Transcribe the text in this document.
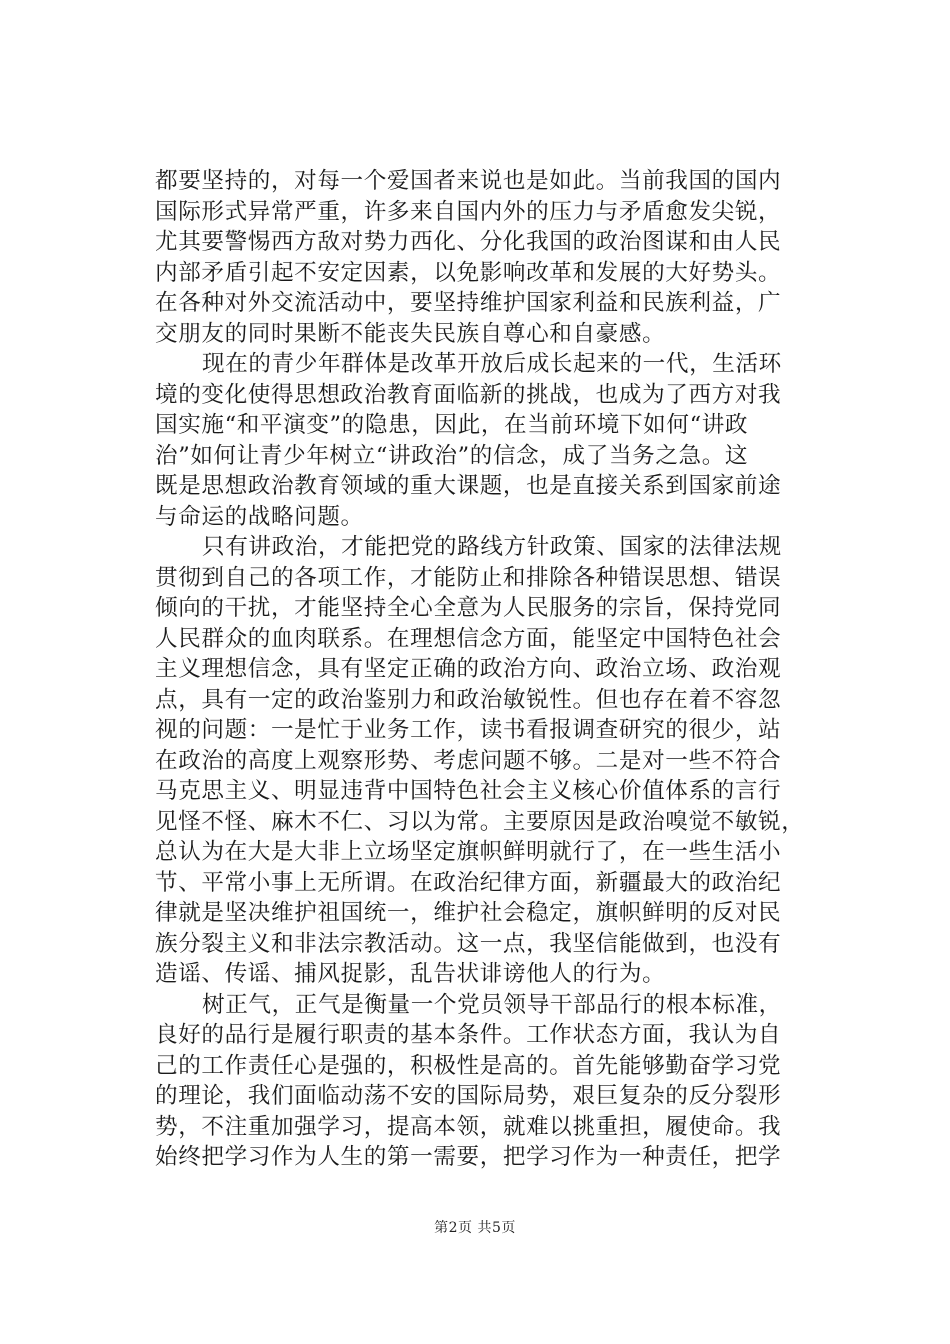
都要坚持的，对每一个爱国者来说也是如此。当前我国的国内
国际形式异常严重，许多来自国内外的压力与矛盾愈发尖锐，
尤其要警惕西方敌对势力西化、分化我国的政治图谋和由人民
内部矛盾引起不安定因素，以免影响改革和发展的大好势头。
在各种对外交流活动中，要坚持维护国家利益和民族利益，广
交朋友的同时果断不能丧失民族自尊心和自豪感。
现在的青少年群体是改革开放后成长起来的一代，生活环
境的变化使得思想政治教育面临新的挑战，也成为了西方对我
国实施“和平演变”的隐患，因此，在当前环境下如何“讲政
治”如何让青少年树立“讲政治”的信念，成了当务之急。这
既是思想政治教育领域的重大课题，也是直接关系到国家前途
与命运的战略问题。
只有讲政治，才能把党的路线方针政策、国家的法律法规
贯彻到自己的各项工作，才能防止和排除各种错误思想、错误
倾向的干扰，才能坚持全心全意为人民服务的宗旨，保持党同
人民群众的血肉联系。在理想信念方面，能坚定中国特色社会
主义理想信念，具有坚定正确的政治方向、政治立场、政治观
点，具有一定的政治鉴别力和政治敏锐性。但也存在着不容忽
视的问题：一是忙于业务工作，读书看报调查研究的很少，站
在政治的高度上观察形势、考虑问题不够。二是对一些不符合
马克思主义、明显违背中国特色社会主义核心价值体系的言行
见怪不怪、麻木不仁、习以为常。主要原因是政治嗅觉不敏锐，
总认为在大是大非上立场坚定旗帜鲜明就行了，在一些生活小
节、平常小事上无所谓。在政治纪律方面，新疆最大的政治纪
律就是坚决维护祖国统一，维护社会稳定，旗帜鲜明的反对民
族分裂主义和非法宗教活动。这一点，我坚信能做到，也没有
造谣、传谣、捕风捉影，乱告状诽谤他人的行为。
树正气，正气是衡量一个党员领导干部品行的根本标准，
良好的品行是履行职责的基本条件。工作状态方面，我认为自
己的工作责任心是强的，积极性是高的。首先能够勤奋学习党
的理论，我们面临动荡不安的国际局势，艰巨复杂的反分裂形
势，不注重加强学习，提高本领，就难以挑重担，履使命。我
始终把学习作为人生的第一需要，把学习作为一种责任，把学
第2页 共5页
